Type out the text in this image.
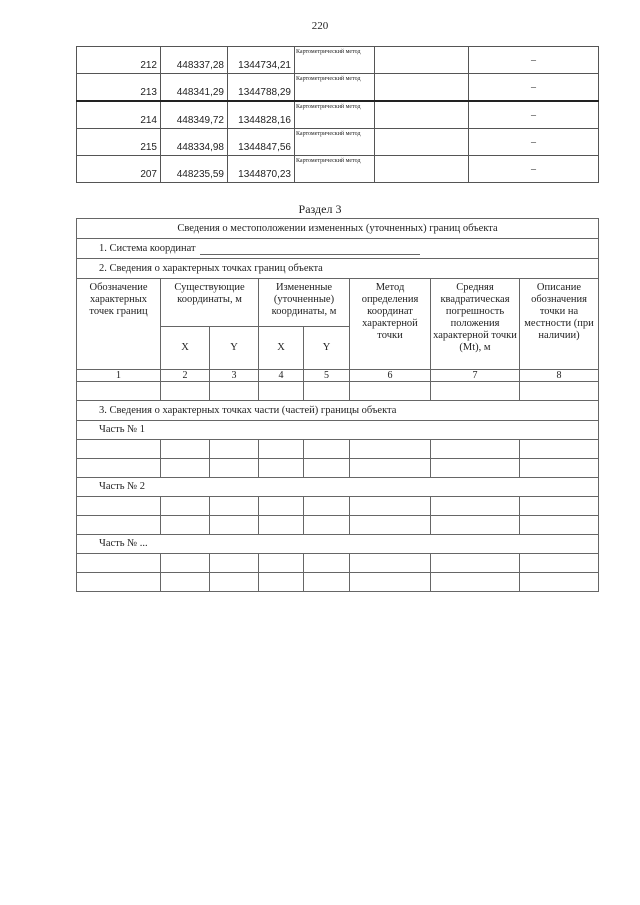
220
212	448337,28	1344734,21	Картометрический метод		–
213	448341,29	1344788,29	Картометрический метод		–
214	448349,72	1344828,16	Картометрический метод		–
215	448334,98	1344847,56	Картометрический метод		–
207	448235,59	1344870,23	Картометрический метод		–
Раздел 3
Сведения о местоположении измененных (уточненных) границ объекта							
1. Система координат							
2. Сведения о характерных точках границ объекта							
Обозначение характерных точек границ	Существующие координаты, м		Измененные (уточненные) координаты, м		Метод определения координат характерной точки	Средняя квадратическая погрешность положения характерной точки (Mt), м	Описание обозначения точки на местности (при наличии)
	X	Y	X	Y			
1	2	3	4	5	6	7	8

3. Сведения о характерных точках части (частей) границы объекта							
Часть № 1							

Часть № 2							

Часть № ...							
